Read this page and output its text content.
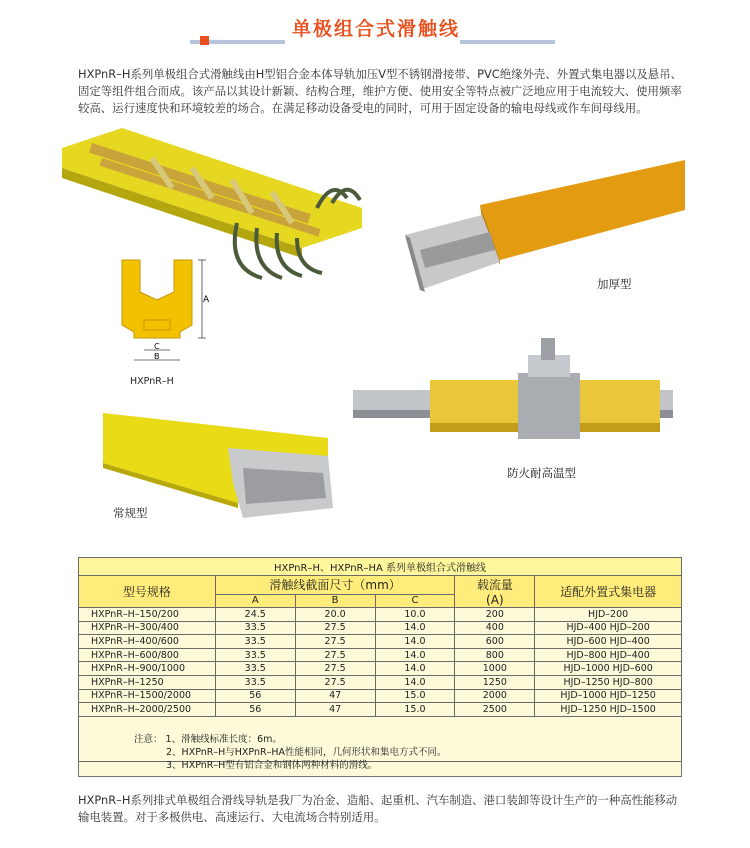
单极组合式滑触线
HXPnR–H系列单极组合式滑触线由H型铝合金本体导轨加压V型不锈钢滑接带、PVC绝缘外壳、外置式集电器以及悬吊、固定等组件组合而成。该产品以其设计新颖、结构合理，维护方便、使用安全等特点被广泛地应用于电流较大、使用频率较高、运行速度快和环境较差的场合。在满足移动设备受电的同时，可用于固定设备的输电母线或作车间母线用。
加厚型
A
C
B
HXPnR–H
防火耐高温型
常规型
HXPnR–H、HXPnR–HA 系列单极组合式滑触线					
型号规格	滑触线截面尺寸（mm）			载流量
(A)	适配外置式集电器
	A	B	C		
HXPnR–H–150/200	24.5	20.0	10.0	200	HJD–200
HXPnR–H–300/400	33.5	27.5	14.0	400	HJD–400 HJD–200
HXPnR–H–400/600	33.5	27.5	14.0	600	HJD–600 HJD–400
HXPnR–H–600/800	33.5	27.5	14.0	800	HJD–800 HJD–400
HXPnR–H–900/1000	33.5	27.5	14.0	1000	HJD–1000 HJD–600
HXPnR–H–1250	33.5	27.5	14.0	1250	HJD–1250 HJD–800
HXPnR–H–1500/2000	56	47	15.0	2000	HJD–1000 HJD–1250
HXPnR–H–2000/2500	56	47	15.0	2500	HJD–1250 HJD–1500

注意： 1、滑触线标准长度：6m。
2、HXPnR–H与HXPnR–HA性能相同，几何形状和集电方式不同。
3、HXPnR–H型有铝合金和钢体两种材料的滑线。
HXPnR–H系列排式单极组合滑线导轨是我厂为冶金、造船、起重机、汽车制造、港口装卸等设计生产的一种高性能移动输电装置。对于多极供电、高速运行、大电流场合特别适用。
